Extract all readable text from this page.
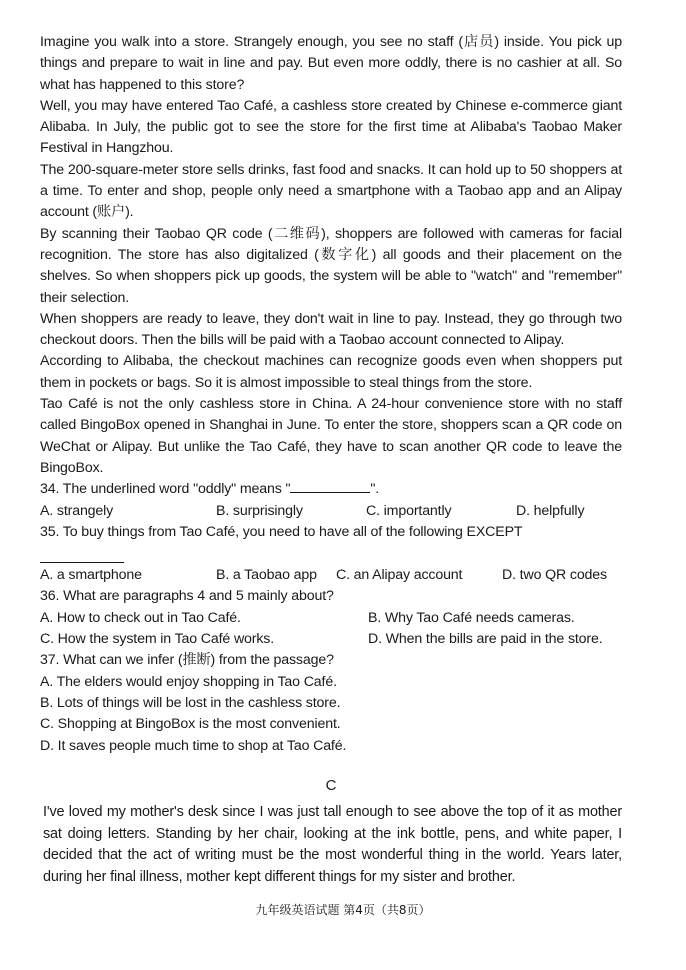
Imagine you walk into a store. Strangely enough, you see no staff (店员) inside. You pick up things and prepare to wait in line and pay. But even more oddly, there is no cashier at all. So what has happened to this store?

Well, you may have entered Tao Café, a cashless store created by Chinese e-commerce giant Alibaba. In July, the public got to see the store for the first time at Alibaba's Taobao Maker Festival in Hangzhou.

The 200-square-meter store sells drinks, fast food and snacks. It can hold up to 50 shoppers at a time. To enter and shop, people only need a smartphone with a Taobao app and an Alipay account (账户).

By scanning their Taobao QR code (二维码), shoppers are followed with cameras for facial recognition. The store has also digitalized (数字化) all goods and their placement on the shelves. So when shoppers pick up goods, the system will be able to "watch" and "remember" their selection.

When shoppers are ready to leave, they don't wait in line to pay. Instead, they go through two checkout doors. Then the bills will be paid with a Taobao account connected to Alipay.

According to Alibaba, the checkout machines can recognize goods even when shoppers put them in pockets or bags. So it is almost impossible to steal things from the store.

Tao Café is not the only cashless store in China. A 24-hour convenience store with no staff called BingoBox opened in Shanghai in June. To enter the store, shoppers scan a QR code on WeChat or Alipay. But unlike the Tao Café, they have to scan another QR code to leave the BingoBox.

34. The underlined word "oddly" means "	".

A. strangely	B. surprisingly	C. importantly	D. helpfully

35. To buy things from Tao Café, you need to have all of the following EXCEPT

A. a smartphone	B. a Taobao app	C. an Alipay account	D. two QR codes

36. What are paragraphs 4 and 5 mainly about?

A. How to check out in Tao Café.	B. Why Tao Café needs cameras.
C. How the system in Tao Café works.	D. When the bills are paid in the store.

37. What can we infer (推断) from the passage?

A. The elders would enjoy shopping in Tao Café.

B. Lots of things will be lost in the cashless store.

C. Shopping at BingoBox is the most convenient.

D. It saves people much time to shop at Tao Café.

C

I've loved my mother's desk since I was just tall enough to see above the top of it as mother sat doing letters. Standing by her chair, looking at the ink bottle, pens, and white paper, I decided that the act of writing must be the most wonderful thing in the world. Years later, during her final illness, mother kept different things for my sister and brother.

九年级英语试题 第4页（共8页）
